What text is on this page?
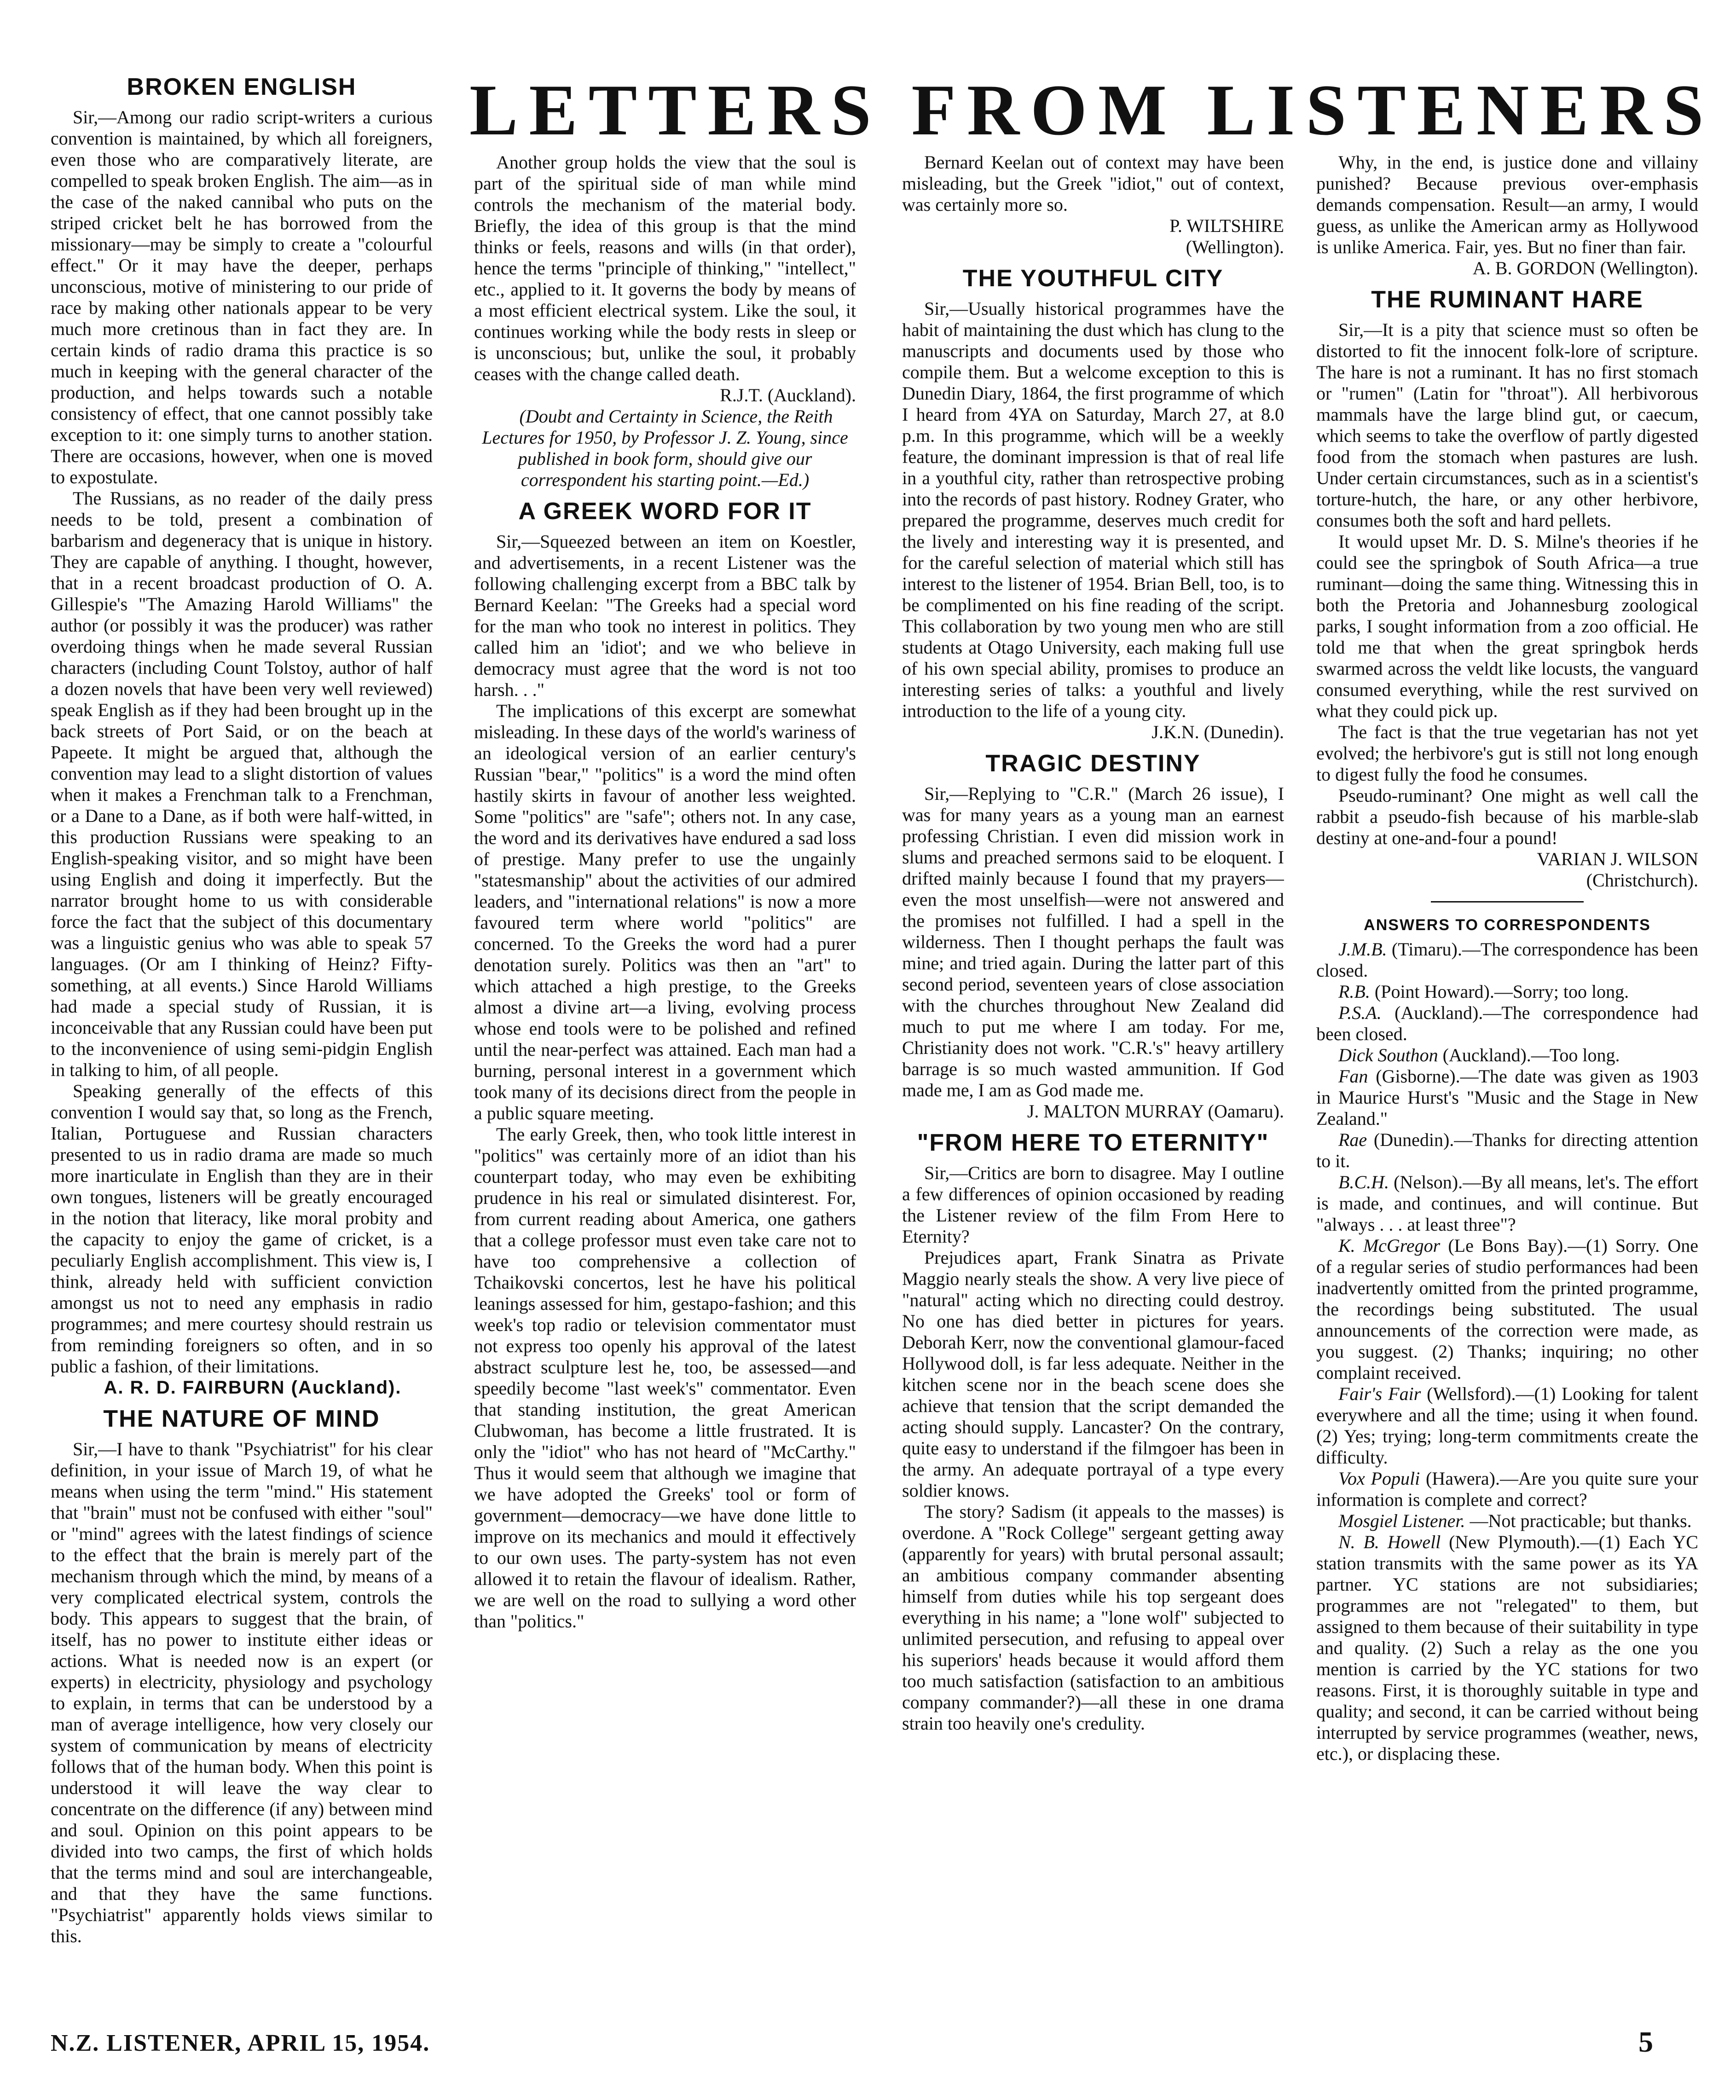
LETTERS FROM LISTENERS
BROKEN ENGLISH

Sir,—Among our radio script-writers a curious convention is maintained, by which all foreigners, even those who are comparatively literate, are compelled to speak broken English. The aim—as in the case of the naked cannibal who puts on the striped cricket belt he has borrowed from the missionary—may be simply to create a "colourful effect." Or it may have the deeper, perhaps unconscious, motive of ministering to our pride of race by making other nationals appear to be very much more cretinous than in fact they are. In certain kinds of radio drama this practice is so much in keeping with the general character of the production, and helps towards such a notable consistency of effect, that one cannot possibly take exception to it: one simply turns to another station. There are occasions, however, when one is moved to expostulate.

The Russians, as no reader of the daily press needs to be told, present a combination of barbarism and degeneracy that is unique in history. They are capable of anything. I thought, however, that in a recent broadcast production of O. A. Gillespie's "The Amazing Harold Williams" the author (or possibly it was the producer) was rather overdoing things when he made several Russian characters (including Count Tolstoy, author of half a dozen novels that have been very well reviewed) speak English as if they had been brought up in the back streets of Port Said, or on the beach at Papeete. It might be argued that, although the convention may lead to a slight distortion of values when it makes a Frenchman talk to a Frenchman, or a Dane to a Dane, as if both were half-witted, in this production Russians were speaking to an English-speaking visitor, and so might have been using English and doing it imperfectly. But the narrator brought home to us with considerable force the fact that the subject of this documentary was a linguistic genius who was able to speak 57 languages. (Or am I thinking of Heinz? Fifty-something, at all events.) Since Harold Williams had made a special study of Russian, it is inconceivable that any Russian could have been put to the inconvenience of using semi-pidgin English in talking to him, of all people.

Speaking generally of the effects of this convention I would say that, so long as the French, Italian, Portuguese and Russian characters presented to us in radio drama are made so much more inarticulate in English than they are in their own tongues, listeners will be greatly encouraged in the notion that literacy, like moral probity and the capacity to enjoy the game of cricket, is a peculiarly English accomplishment. This view is, I think, already held with sufficient conviction amongst us not to need any emphasis in radio programmes; and mere courtesy should restrain us from reminding foreigners so often, and in so public a fashion, of their limitations.

A. R. D. FAIRBURN (Auckland).

THE NATURE OF MIND

Sir,—I have to thank "Psychiatrist" for his clear definition, in your issue of March 19, of what he means when using the term "mind." His statement that "brain" must not be confused with either "soul" or "mind" agrees with the latest findings of science to the effect that the brain is merely part of the mechanism through which the mind, by means of a very complicated electrical system, controls the body. This appears to suggest that the brain, of itself, has no power to institute either ideas or actions. What is needed now is an expert (or experts) in electricity, physiology and psychology to explain, in terms that can be understood by a man of average intelligence, how very closely our system of communication by means of electricity follows that of the human body. When this point is understood it will leave the way clear to concentrate on the difference (if any) between mind and soul. Opinion on this point appears to be divided into two camps, the first of which holds that the terms mind and soul are interchangeable, and that they have the same functions. "Psychiatrist" apparently holds views similar to this.

Another group holds the view that the soul is part of the spiritual side of man while mind controls the mechanism of the material body. Briefly, the idea of this group is that the mind thinks or feels, reasons and wills (in that order), hence the terms "principle of thinking," "intellect," etc., applied to it. It governs the body by means of a most efficient electrical system. Like the soul, it continues working while the body rests in sleep or is unconscious; but, unlike the soul, it probably ceases with the change called death.

R.J.T. (Auckland).

(Doubt and Certainty in Science, the Reith Lectures for 1950, by Professor J. Z. Young, since published in book form, should give our correspondent his starting point.—Ed.)

A GREEK WORD FOR IT

Sir,—Squeezed between an item on Koestler, and advertisements, in a recent Listener was the following challenging excerpt from a BBC talk by Bernard Keelan: "The Greeks had a special word for the man who took no interest in politics. They called him an 'idiot'; and we who believe in democracy must agree that the word is not too harsh. . ."

The implications of this excerpt are somewhat misleading. In these days of the world's wariness of an ideological version of an earlier century's Russian "bear," "politics" is a word the mind often hastily skirts in favour of another less weighted. Some "politics" are "safe"; others not. In any case, the word and its derivatives have endured a sad loss of prestige. Many prefer to use the ungainly "statesmanship" about the activities of our admired leaders, and "international relations" is now a more favoured term where world "politics" are concerned. To the Greeks the word had a purer denotation surely. Politics was then an "art" to which attached a high prestige, to the Greeks almost a divine art—a living, evolving process whose end tools were to be polished and refined until the near-perfect was attained. Each man had a burning, personal interest in a government which took many of its decisions direct from the people in a public square meeting.

The early Greek, then, who took little interest in "politics" was certainly more of an idiot than his counterpart today, who may even be exhibiting prudence in his real or simulated disinterest. For, from current reading about America, one gathers that a college professor must even take care not to have too comprehensive a collection of Tchaikovski concertos, lest he have his political leanings assessed for him, gestapo-fashion; and this week's top radio or television commentator must not express too openly his approval of the latest abstract sculpture lest he, too, be assessed—and speedily become "last week's" commentator. Even that standing institution, the great American Clubwoman, has become a little frustrated. It is only the "idiot" who has not heard of "McCarthy." Thus it would seem that although we imagine that we have adopted the Greeks' tool or form of government—democracy—we have done little to improve on its mechanics and mould it effectively to our own uses. The party-system has not even allowed it to retain the flavour of idealism. Rather, we are well on the road to sullying a word other than "politics."

Bernard Keelan out of context may have been misleading, but the Greek "idiot," out of context, was certainly more so.

P. WILTSHIRE

(Wellington).

THE YOUTHFUL CITY

Sir,—Usually historical programmes have the habit of maintaining the dust which has clung to the manuscripts and documents used by those who compile them. But a welcome exception to this is Dunedin Diary, 1864, the first programme of which I heard from 4YA on Saturday, March 27, at 8.0 p.m. In this programme, which will be a weekly feature, the dominant impression is that of real life in a youthful city, rather than retrospective probing into the records of past history. Rodney Grater, who prepared the programme, deserves much credit for the lively and interesting way it is presented, and for the careful selection of material which still has interest to the listener of 1954. Brian Bell, too, is to be complimented on his fine reading of the script. This collaboration by two young men who are still students at Otago University, each making full use of his own special ability, promises to produce an interesting series of talks: a youthful and lively introduction to the life of a young city.

J.K.N. (Dunedin).

TRAGIC DESTINY

Sir,—Replying to "C.R." (March 26 issue), I was for many years as a young man an earnest professing Christian. I even did mission work in slums and preached sermons said to be eloquent. I drifted mainly because I found that my prayers—even the most unselfish—were not answered and the promises not fulfilled. I had a spell in the wilderness. Then I thought perhaps the fault was mine; and tried again. During the latter part of this second period, seventeen years of close association with the churches throughout New Zealand did much to put me where I am today. For me, Christianity does not work. "C.R.'s" heavy artillery barrage is so much wasted ammunition. If God made me, I am as God made me.

J. MALTON MURRAY (Oamaru).

"FROM HERE TO ETERNITY"

Sir,—Critics are born to disagree. May I outline a few differences of opinion occasioned by reading the Listener review of the film From Here to Eternity?

Prejudices apart, Frank Sinatra as Private Maggio nearly steals the show. A very live piece of "natural" acting which no directing could destroy. No one has died better in pictures for years. Deborah Kerr, now the conventional glamour-faced Hollywood doll, is far less adequate. Neither in the kitchen scene nor in the beach scene does she achieve that tension that the script demanded the acting should supply. Lancaster? On the contrary, quite easy to understand if the filmgoer has been in the army. An adequate portrayal of a type every soldier knows.

The story? Sadism (it appeals to the masses) is overdone. A "Rock College" sergeant getting away (apparently for years) with brutal personal assault; an ambitious company commander absenting himself from duties while his top sergeant does everything in his name; a "lone wolf" subjected to unlimited persecution, and refusing to appeal over his superiors' heads because it would afford them too much satisfaction (satisfaction to an ambitious company commander?)—all these in one drama strain too heavily one's credulity.

Why, in the end, is justice done and villainy punished? Because previous over-emphasis demands compensation. Result—an army, I would guess, as unlike the American army as Hollywood is unlike America. Fair, yes. But no finer than fair.

A. B. GORDON (Wellington).

THE RUMINANT HARE

Sir,—It is a pity that science must so often be distorted to fit the innocent folk-lore of scripture. The hare is not a ruminant. It has no first stomach or "rumen" (Latin for "throat"). All herbivorous mammals have the large blind gut, or caecum, which seems to take the overflow of partly digested food from the stomach when pastures are lush. Under certain circumstances, such as in a scientist's torture-hutch, the hare, or any other herbivore, consumes both the soft and hard pellets.

It would upset Mr. D. S. Milne's theories if he could see the springbok of South Africa—a true ruminant—doing the same thing. Witnessing this in both the Pretoria and Johannesburg zoological parks, I sought information from a zoo official. He told me that when the great springbok herds swarmed across the veldt like locusts, the vanguard consumed everything, while the rest survived on what they could pick up.

The fact is that the true vegetarian has not yet evolved; the herbivore's gut is still not long enough to digest fully the food he consumes.

Pseudo-ruminant? One might as well call the rabbit a pseudo-fish because of his marble-slab destiny at one-and-four a pound!

VARIAN J. WILSON

(Christchurch).

ANSWERS TO CORRESPONDENTS

J.M.B. (Timaru).—The correspondence has been closed.

R.B. (Point Howard).—Sorry; too long.

P.S.A. (Auckland).—The correspondence had been closed.

Dick Southon (Auckland).—Too long.

Fan (Gisborne).—The date was given as 1903 in Maurice Hurst's "Music and the Stage in New Zealand."

Rae (Dunedin).—Thanks for directing attention to it.

B.C.H. (Nelson).—By all means, let's. The effort is made, and continues, and will continue. But "always . . . at least three"?

K. McGregor (Le Bons Bay).—(1) Sorry. One of a regular series of studio performances had been inadvertently omitted from the printed programme, the recordings being substituted. The usual announcements of the correction were made, as you suggest. (2) Thanks; inquiring; no other complaint received.

Fair's Fair (Wellsford).—(1) Looking for talent everywhere and all the time; using it when found. (2) Yes; trying; long-term commitments create the difficulty.

Vox Populi (Hawera).—Are you quite sure your information is complete and correct?

Mosgiel Listener. —Not practicable; but thanks.

N. B. Howell (New Plymouth).—(1) Each YC station transmits with the same power as its YA partner. YC stations are not subsidiaries; programmes are not "relegated" to them, but assigned to them because of their suitability in type and quality. (2) Such a relay as the one you mention is carried by the YC stations for two reasons. First, it is thoroughly suitable in type and quality; and second, it can be carried without being interrupted by service programmes (weather, news, etc.), or displacing these.

N.Z. LISTENER, APRIL 15, 1954.	5
